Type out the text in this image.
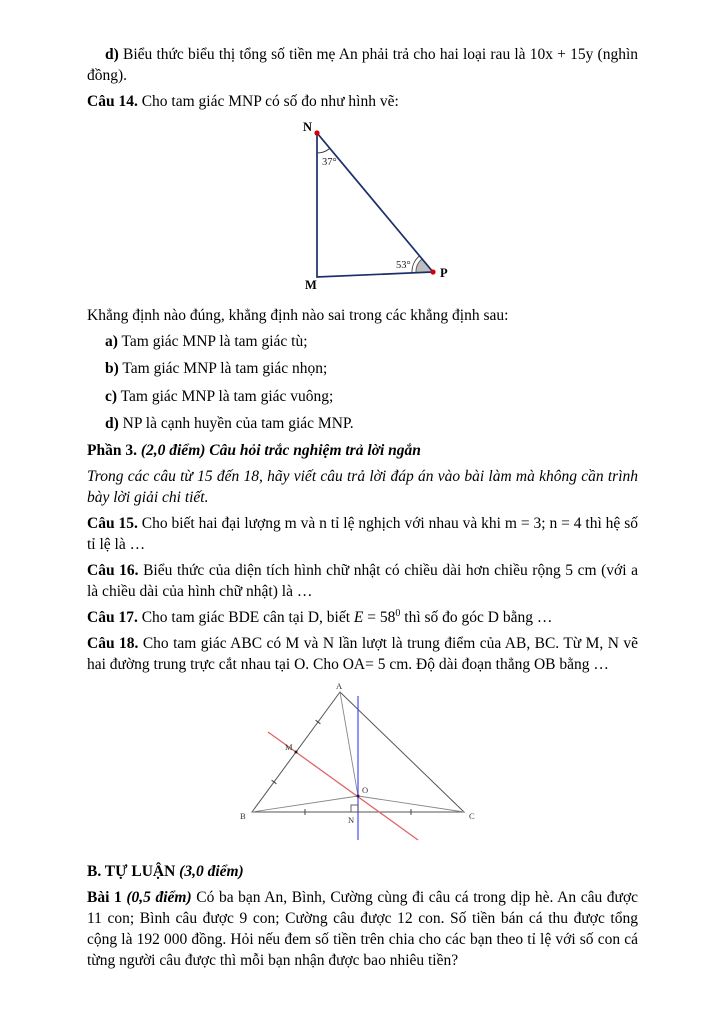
d) Biểu thức biểu thị tổng số tiền mẹ An phải trả cho hai loại rau là 10x + 15y (nghìn đồng).

Câu 14. Cho tam giác MNP có số đo như hình vẽ:

N
M
P
37°
53°

Khẳng định nào đúng, khẳng định nào sai trong các khẳng định sau:

a) Tam giác MNP là tam giác tù;

b) Tam giác MNP là tam giác nhọn;

c) Tam giác MNP là tam giác vuông;

d) NP là cạnh huyền của tam giác MNP.

Phần 3. (2,0 điểm) Câu hỏi trắc nghiệm trả lời ngắn

Trong các câu từ 15 đến 18, hãy viết câu trả lời đáp án vào bài làm mà không cần trình bày lời giải chi tiết.

Câu 15. Cho biết hai đại lượng m và n tỉ lệ nghịch với nhau và khi m = 3; n = 4 thì hệ số tỉ lệ là …

Câu 16. Biểu thức của diện tích hình chữ nhật có chiều dài hơn chiều rộng 5 cm (với a là chiều dài của hình chữ nhật) là …

Câu 17. Cho tam giác BDE cân tại D, biết $E = 58^0$ thì số đo góc D bằng …

Câu 18. Cho tam giác ABC có M và N lần lượt là trung điểm của AB, BC. Từ M, N vẽ hai đường trung trực cắt nhau tại O. Cho OA= 5 cm. Độ dài đoạn thẳng OB bằng …

A
B	C
M
N
O

B. TỰ LUẬN (3,0 điểm)

Bài 1 (0,5 điểm) Có ba bạn An, Bình, Cường cùng đi câu cá trong dịp hè. An câu được 11 con; Bình câu được 9 con; Cường câu được 12 con. Số tiền bán cá thu được tổng cộng là 192 000 đồng. Hỏi nếu đem số tiền trên chia cho các bạn theo tỉ lệ với số con cá từng người câu được thì mỗi bạn nhận được bao nhiêu tiền?
